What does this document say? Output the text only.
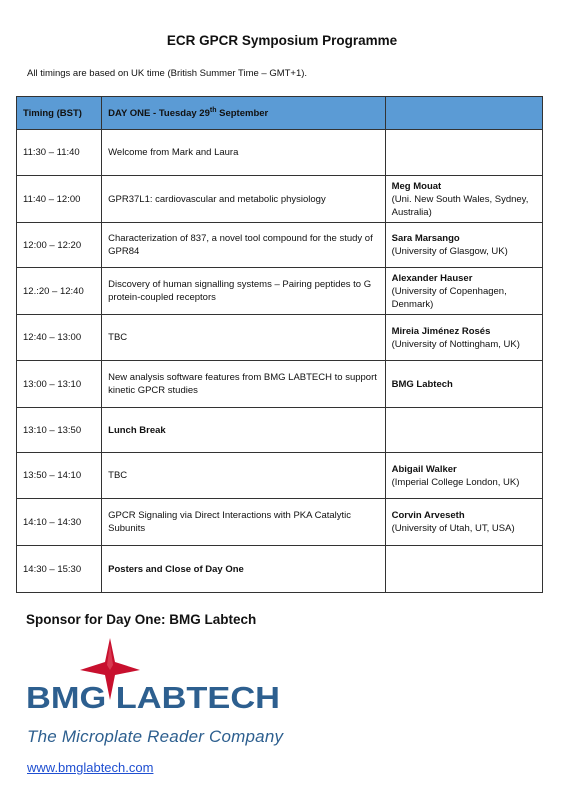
ECR GPCR Symposium Programme
All timings are based on UK time (British Summer Time – GMT+1).
Timing (BST)	DAY ONE - Tuesday 29th September	
11:30 – 11:40	Welcome from Mark and Laura	
11:40 – 12:00	GPR37L1: cardiovascular and metabolic physiology	Meg Mouat
(Uni. New South Wales, Sydney, Australia)

12:00 – 12:20	Characterization of 837, a novel tool compound for the study of GPR84	Sara Marsango
(University of Glasgow, UK)

12.:20 – 12:40	Discovery of human signalling systems – Pairing peptides to G protein-coupled receptors	Alexander Hauser
(University of Copenhagen, Denmark)

12:40 – 13:00	TBC	Mireia Jiménez Rosés
(University of Nottingham, UK)

13:00 – 13:10	New analysis software features from BMG LABTECH to support kinetic GPCR studies	BMG Labtech

13:10 – 13:50	Lunch Break	
13:50 – 14:10	TBC	Abigail Walker
(Imperial College London, UK)

14:10 – 14:30	GPCR Signaling via Direct Interactions with PKA Catalytic Subunits	Corvin Arveseth
(University of Utah, UT, USA)

14:30 – 15:30	Posters and Close of Day One	
Sponsor for Day One: BMG Labtech
BMG LABTECH
The Microplate Reader Company
www.bmglabtech.com
